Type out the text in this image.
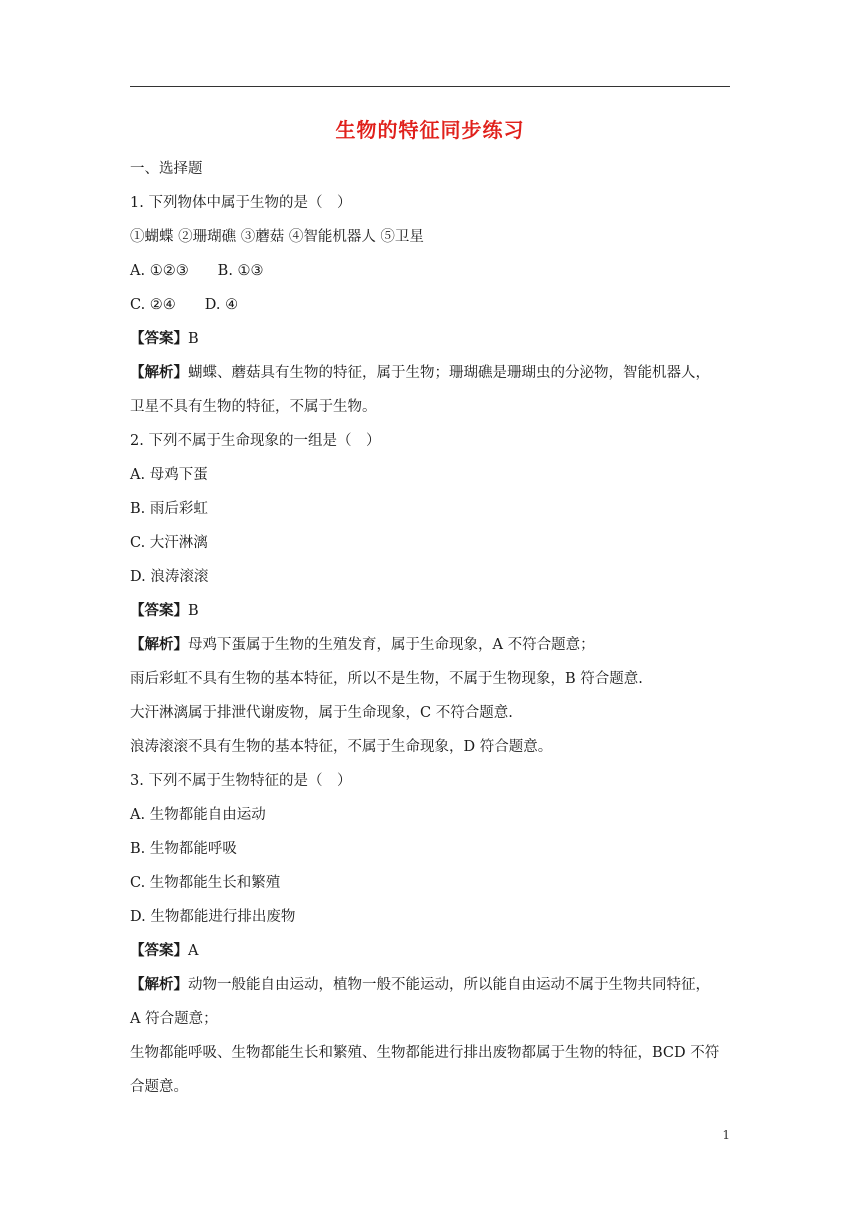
生物的特征同步练习
一、选择题
1. 下列物体中属于生物的是（　）
①蝴蝶 ②珊瑚礁 ③蘑菇 ④智能机器人 ⑤卫星
A. ①②③　　B. ①③
C. ②④　　D. ④
【答案】B
【解析】蝴蝶、蘑菇具有生物的特征，属于生物；珊瑚礁是珊瑚虫的分泌物，智能机器人，
卫星不具有生物的特征，不属于生物。
2. 下列不属于生命现象的一组是（　）
A. 母鸡下蛋
B. 雨后彩虹
C. 大汗淋漓
D. 浪涛滚滚
【答案】B
【解析】母鸡下蛋属于生物的生殖发育，属于生命现象，A 不符合题意；
雨后彩虹不具有生物的基本特征，所以不是生物，不属于生物现象，B 符合题意.
大汗淋漓属于排泄代谢废物，属于生命现象，C 不符合题意.
浪涛滚滚不具有生物的基本特征，不属于生命现象，D 符合题意。
3. 下列不属于生物特征的是（　）
A. 生物都能自由运动
B. 生物都能呼吸
C. 生物都能生长和繁殖
D. 生物都能进行排出废物
【答案】A
【解析】动物一般能自由运动，植物一般不能运动，所以能自由运动不属于生物共同特征，
A 符合题意；
生物都能呼吸、生物都能生长和繁殖、生物都能进行排出废物都属于生物的特征，BCD 不符
合题意。
1
